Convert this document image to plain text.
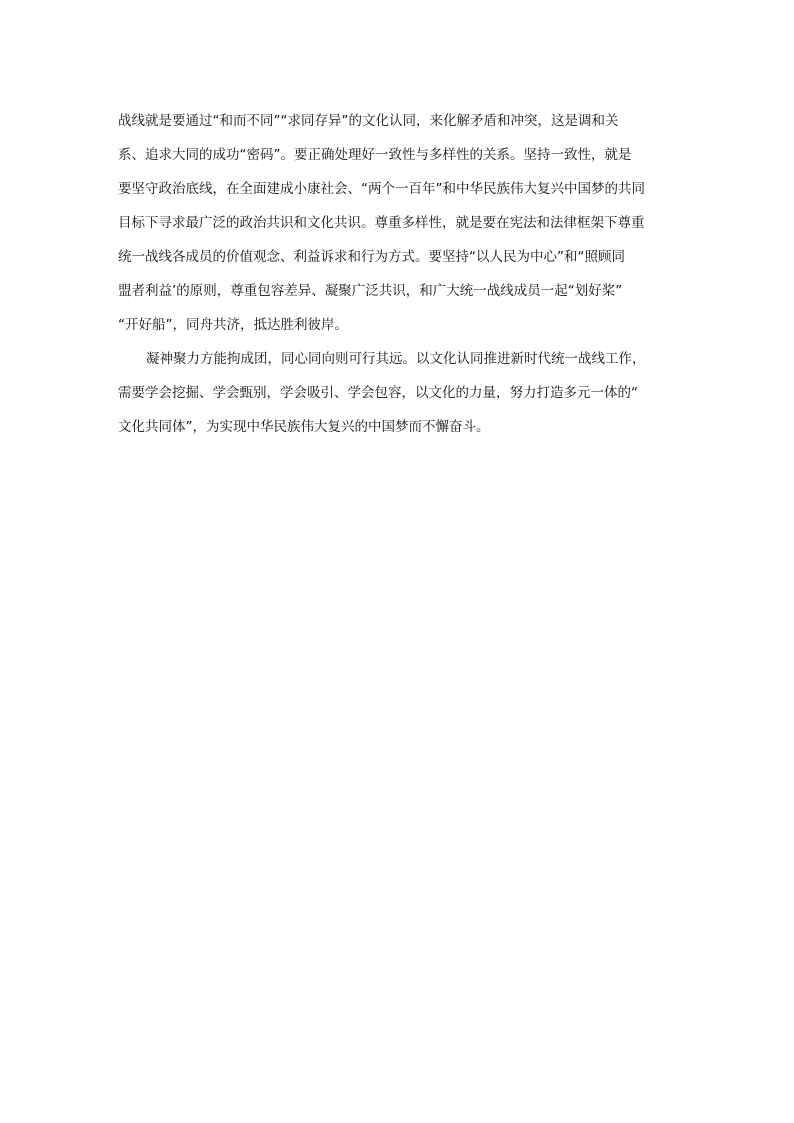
战线就是要通过“和而不同”“求同存异”的文化认同，来化解矛盾和冲突，这是调和关
系、追求大同的成功“密码”。要正确处理好一致性与多样性的关系。坚持一致性，就是
要坚守政治底线，在全面建成小康社会、“两个一百年”和中华民族伟大复兴中国梦的共同
目标下寻求最广泛的政治共识和文化共识。尊重多样性，就是要在宪法和法律框架下尊重
统一战线各成员的价值观念、利益诉求和行为方式。要坚持“以人民为中心”和“照顾同
盟者利益’的原则，尊重包容差异、凝聚广泛共识，和广大统一战线成员一起“划好桨”
“开好船”，同舟共济，抵达胜利彼岸。
凝神聚力方能拘成团，同心同向则可行其远。以文化认同推进新时代统一战线工作，
需要学会挖掘、学会甄别，学会吸引、学会包容，以文化的力量，努力打造多元一体的“
文化共同体”，为实现中华民族伟大复兴的中国梦而不懈奋斗。
